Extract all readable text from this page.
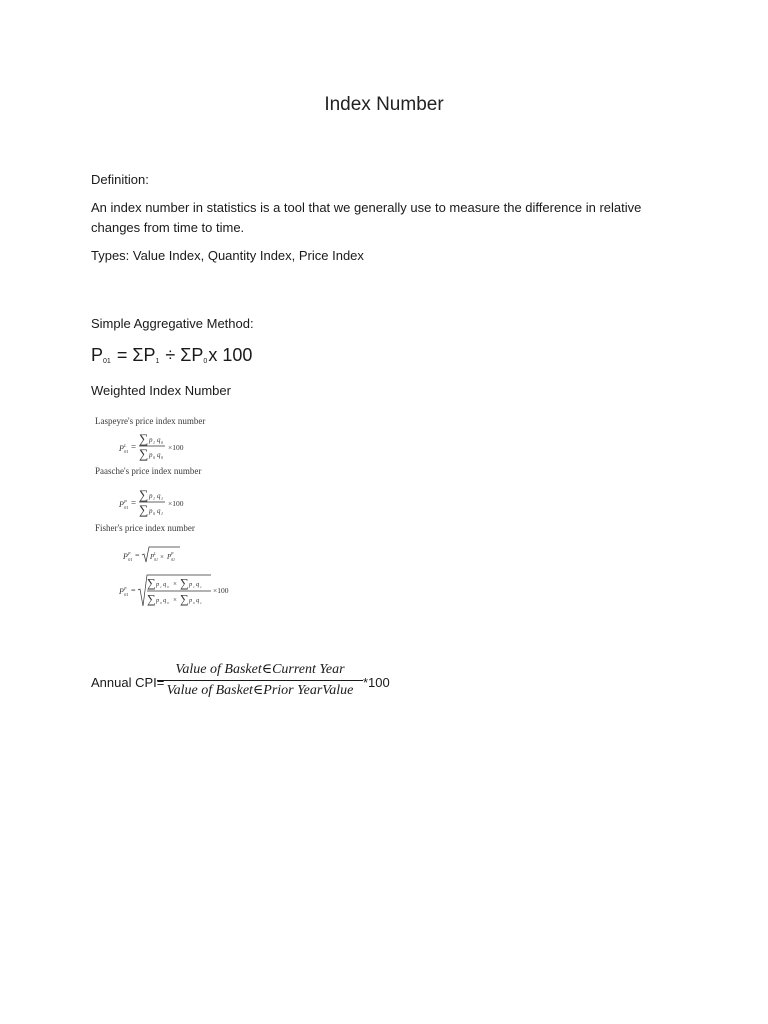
Index Number
Definition:
An index number in statistics is a tool that we generally use to measure the difference in relative changes from time to time.
Types: Value Index, Quantity Index, Price Index
Simple Aggregative Method:
$P_{01} = \Sigma P_1 \div \Sigma P_0x$ 100
Weighted Index Number
Laspeyre's price index number
Paasche's price index number
Fisher's price index number
P L
01 =
∑ p 1 q 0
∑ p 0 q 0
×100
P P
01 =
∑ p 1 q 1
∑ p 0 q 1
×100
P F
01 = P L
01 × P P
01
P F
01 =
∑ p 1 q 0 × ∑ p 1 q 1
∑ p 0 q 0 × ∑ p 0 q 1
×100
Annual CPI=
Value of Basket∈Current Year
Value of Basket∈Prior YearValue
*100
